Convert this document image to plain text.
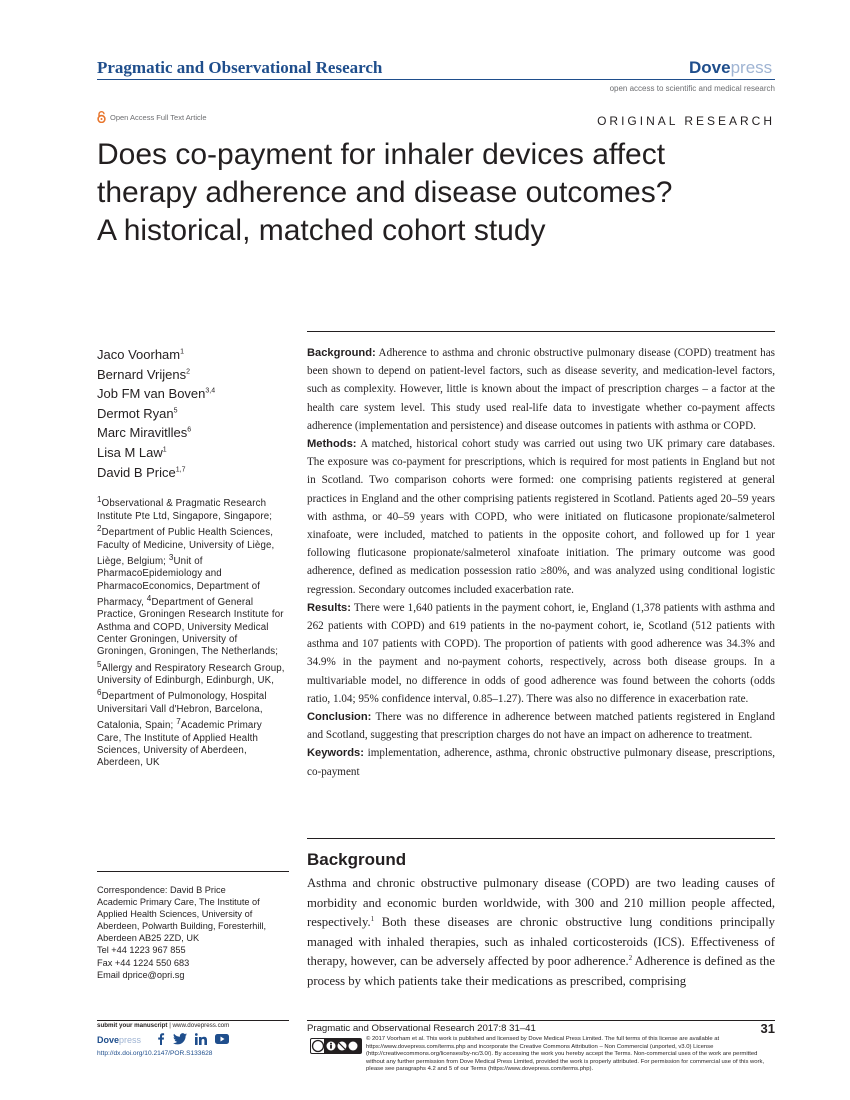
Pragmatic and Observational Research	Dovepress
open access to scientific and medical research
Open Access Full Text Article	ORIGINAL RESEARCH
Does co-payment for inhaler devices affect
therapy adherence and disease outcomes?
A historical, matched cohort study
Jaco Voorham$^1$
Bernard Vrijens$^2$
Job FM van Boven$^{3,4}$
Dermot Ryan$^5$
Marc Miravitlles$^6$
Lisa M Law$^1$
David B Price$^{1,7}$
$^1$Observational & Pragmatic Research Institute Pte Ltd, Singapore, Singapore; $^2$Department of Public Health Sciences, Faculty of Medicine, University of Liège, Liège, Belgium; $^3$Unit of PharmacoEpidemiology and PharmacoEconomics, Department of Pharmacy, $^4$Department of General Practice, Groningen Research Institute for Asthma and COPD, University Medical Center Groningen, University of Groningen, Groningen, The Netherlands; $^5$Allergy and Respiratory Research Group, University of Edinburgh, Edinburgh, UK, $^6$Department of Pulmonology, Hospital Universitari Vall d'Hebron, Barcelona, Catalonia, Spain; $^7$Academic Primary Care, The Institute of Applied Health Sciences, University of Aberdeen, Aberdeen, UK
Correspondence: David B Price
Academic Primary Care, The Institute of
Applied Health Sciences, University of
Aberdeen, Polwarth Building, Foresterhill,
Aberdeen AB25 2ZD, UK
Tel +44 1223 967 855
Fax +44 1224 550 683
Email dprice@opri.sg

Background: Adherence to asthma and chronic obstructive pulmonary disease (COPD) treatment has been shown to depend on patient-level factors, such as disease severity, and medication-level factors, such as complexity. However, little is known about the impact of prescription charges – a factor at the health care system level. This study used real-life data to investigate whether co-payment affects adherence (implementation and persistence) and disease outcomes in patients with asthma or COPD.

Methods: A matched, historical cohort study was carried out using two UK primary care databases. The exposure was co-payment for prescriptions, which is required for most patients in England but not in Scotland. Two comparison cohorts were formed: one comprising patients registered at general practices in England and the other comprising patients registered in Scotland. Patients aged 20–59 years with asthma, or 40–59 years with COPD, who were initiated on fluticasone propionate/salmeterol xinafoate, were included, matched to patients in the opposite cohort, and followed up for 1 year following fluticasone propionate/salmeterol xinafoate initiation. The primary outcome was good adherence, defined as medication possession ratio ≥80%, and was analyzed using conditional logistic regression. Secondary outcomes included exacerbation rate.

Results: There were 1,640 patients in the payment cohort, ie, England (1,378 patients with asthma and 262 patients with COPD) and 619 patients in the no-payment cohort, ie, Scotland (512 patients with asthma and 107 patients with COPD). The proportion of patients with good adherence was 34.3% and 34.9% in the payment and no-payment cohorts, respectively, across both disease groups. In a multivariable model, no difference in odds of good adherence was found between the cohorts (odds ratio, 1.04; 95% confidence interval, 0.85–1.27). There was also no difference in exacerbation rate.

Conclusion: There was no difference in adherence between matched patients registered in England and Scotland, suggesting that prescription charges do not have an impact on adherence to treatment.

Keywords: implementation, adherence, asthma, chronic obstructive pulmonary disease, prescriptions, co-payment

Background

Asthma and chronic obstructive pulmonary disease (COPD) are two leading causes of morbidity and economic burden worldwide, with 300 and 210 million people affected, respectively.$^1$ Both these diseases are chronic obstructive lung conditions principally managed with inhaled therapies, such as inhaled corticosteroids (ICS). Effectiveness of therapy, however, can be adversely affected by poor adherence.$^2$ Adherence is defined as the process by which patients take their medications as prescribed, comprising

submit your manuscript | www.dovepress.com
Dovepress
http://dx.doi.org/10.2147/POR.S133628
Pragmatic and Observational Research 2017:8 31–41	31
© 2017 Voorham et al. This work is published and licensed by Dove Medical Press Limited. The full terms of this license are available at https://www.dovepress.com/terms.php and incorporate the Creative Commons Attribution – Non Commercial (unported, v3.0) License (http://creativecommons.org/licenses/by-nc/3.0/). By accessing the work you hereby accept the Terms. Non-commercial uses of the work are permitted without any further permission from Dove Medical Press Limited, provided the work is properly attributed. For permission for commercial use of this work, please see paragraphs 4.2 and 5 of our Terms (https://www.dovepress.com/terms.php).
